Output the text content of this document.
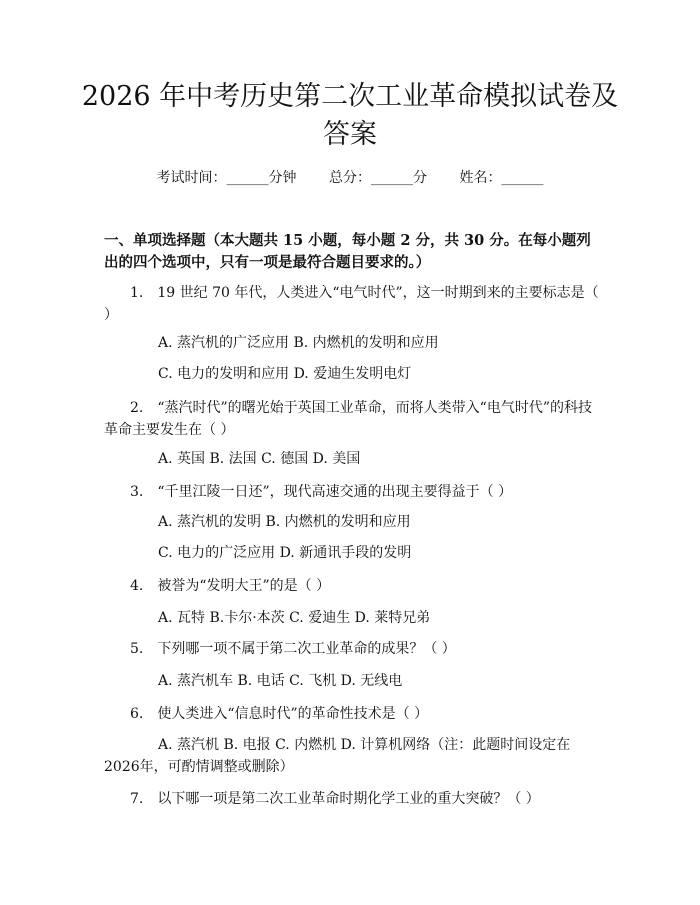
2026 年中考历史第二次工业革命模拟试卷及
答案
考试时间：______分钟 总分：______分 姓名：______

一、单项选择题（本大题共 15 小题，每小题 2 分，共 30 分。在每小题列出的四个选项中，只有一项是最符合题目要求的。）

1. 19 世纪 70 年代，人类进入“电气时代”，这一时期到来的主要标志是（ ）

A. 蒸汽机的广泛应用 B. 内燃机的发明和应用

C. 电力的发明和应用 D. 爱迪生发明电灯

2. “蒸汽时代”的曙光始于英国工业革命，而将人类带入“电气时代”的科技革命主要发生在（ ）

A. 英国 B. 法国 C. 德国 D. 美国

3. “千里江陵一日还”，现代高速交通的出现主要得益于（ ）

A. 蒸汽机的发明 B. 内燃机的发明和应用

C. 电力的广泛应用 D. 新通讯手段的发明

4. 被誉为“发明大王”的是（ ）

A. 瓦特 B.卡尔·本茨 C. 爱迪生 D. 莱特兄弟

5. 下列哪一项不属于第二次工业革命的成果？（ ）

A. 蒸汽机车 B. 电话 C. 飞机 D. 无线电

6. 使人类进入“信息时代”的革命性技术是（ ）

A. 蒸汽机 B. 电报 C. 内燃机 D. 计算机网络（注：此题时间设定在 2026年，可酌情调整或删除）

7. 以下哪一项是第二次工业革命时期化学工业的重大突破？（ ）
